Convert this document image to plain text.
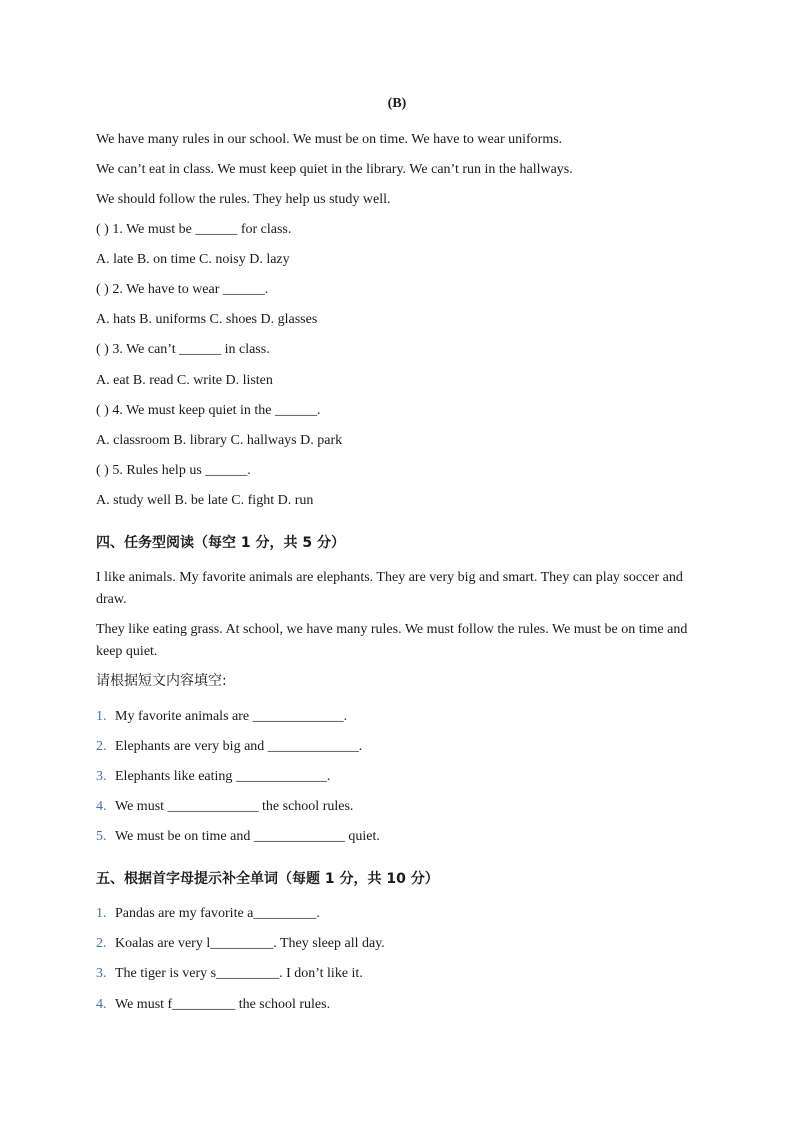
(B)
We have many rules in our school. We must be on time. We have to wear uniforms.
We can’t eat in class. We must keep quiet in the library. We can’t run in the hallways.
We should follow the rules. They help us study well.
( ) 1. We must be ______ for class.
A. late B. on time C. noisy D. lazy
( ) 2. We have to wear ______.
A. hats B. uniforms C. shoes D. glasses
( ) 3. We can’t ______ in class.
A. eat B. read C. write D. listen
( ) 4. We must keep quiet in the ______.
A. classroom B. library C. hallways D. park
( ) 5. Rules help us ______.
A. study well B. be late C. fight D. run
四、任务型阅读（每空 1 分，共 5 分）
I like animals. My favorite animals are elephants. They are very big and smart. They can play soccer and draw.
They like eating grass. At school, we have many rules. We must follow the rules. We must be on time and keep quiet.
请根据短文内容填空:
1. My favorite animals are _____________.
2. Elephants are very big and _____________.
3. Elephants like eating _____________.
4. We must _____________ the school rules.
5. We must be on time and _____________ quiet.
五、根据首字母提示补全单词（每题 1 分，共 10 分）
1. Pandas are my favorite a_________.
2. Koalas are very l_________. They sleep all day.
3. The tiger is very s_________. I don’t like it.
4. We must f_________ the school rules.
